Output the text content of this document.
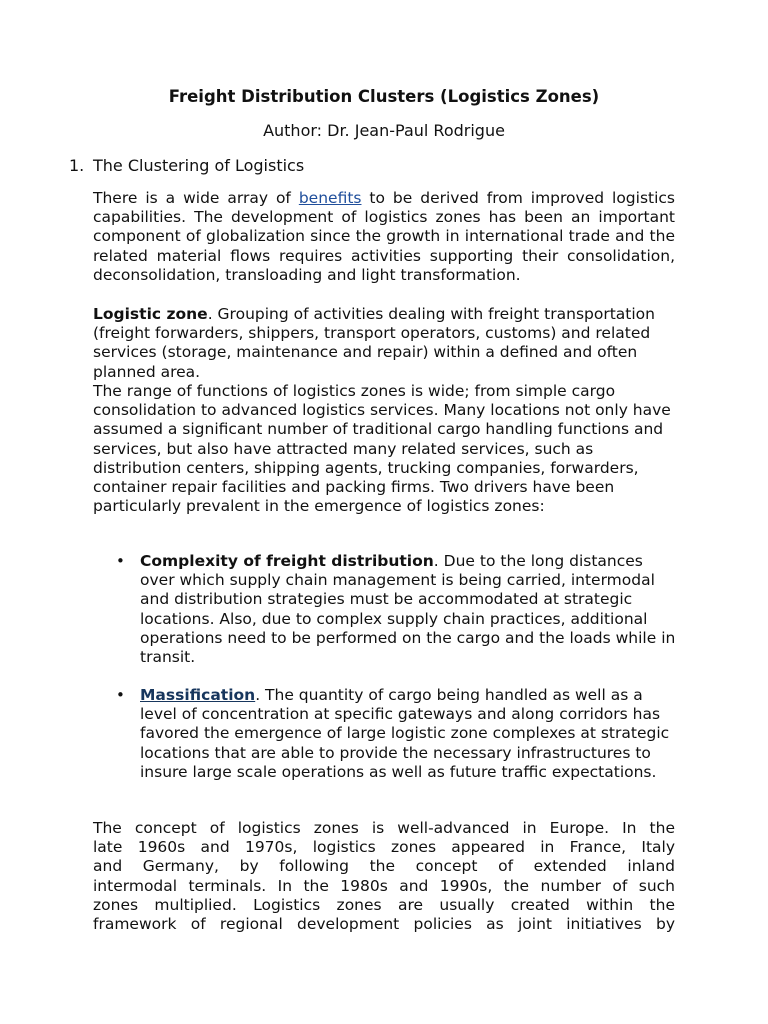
Freight Distribution Clusters (Logistics Zones)
Author: Dr. Jean-Paul Rodrigue
1. The Clustering of Logistics
There is a wide array of benefits to be derived from improved logistics capabilities. The development of logistics zones has been an important component of globalization since the growth in international trade and the related material flows requires activities supporting their consolidation, deconsolidation, transloading and light transformation.
Logistic zone. Grouping of activities dealing with freight transportation (freight forwarders, shippers, transport operators, customs) and related services (storage, maintenance and repair) within a defined and often planned area.
The range of functions of logistics zones is wide; from simple cargo consolidation to advanced logistics services. Many locations not only have assumed a significant number of traditional cargo handling functions and services, but also have attracted many related services, such as distribution centers, shipping agents, trucking companies, forwarders, container repair facilities and packing firms. Two drivers have been particularly prevalent in the emergence of logistics zones:
• Complexity of freight distribution. Due to the long distances over which supply chain management is being carried, intermodal and distribution strategies must be accommodated at strategic locations. Also, due to complex supply chain practices, additional operations need to be performed on the cargo and the loads while in transit.
• Massification. The quantity of cargo being handled as well as a level of concentration at specific gateways and along corridors has favored the emergence of large logistic zone complexes at strategic locations that are able to provide the necessary infrastructures to insure large scale operations as well as future traffic expectations.
The concept of logistics zones is well-advanced in Europe. In the
late 1960s and 1970s, logistics zones appeared in France, Italy
and Germany, by following the concept of extended inland
intermodal terminals. In the 1980s and 1990s, the number of such
zones multiplied. Logistics zones are usually created within the
framework of regional development policies as joint initiatives by
